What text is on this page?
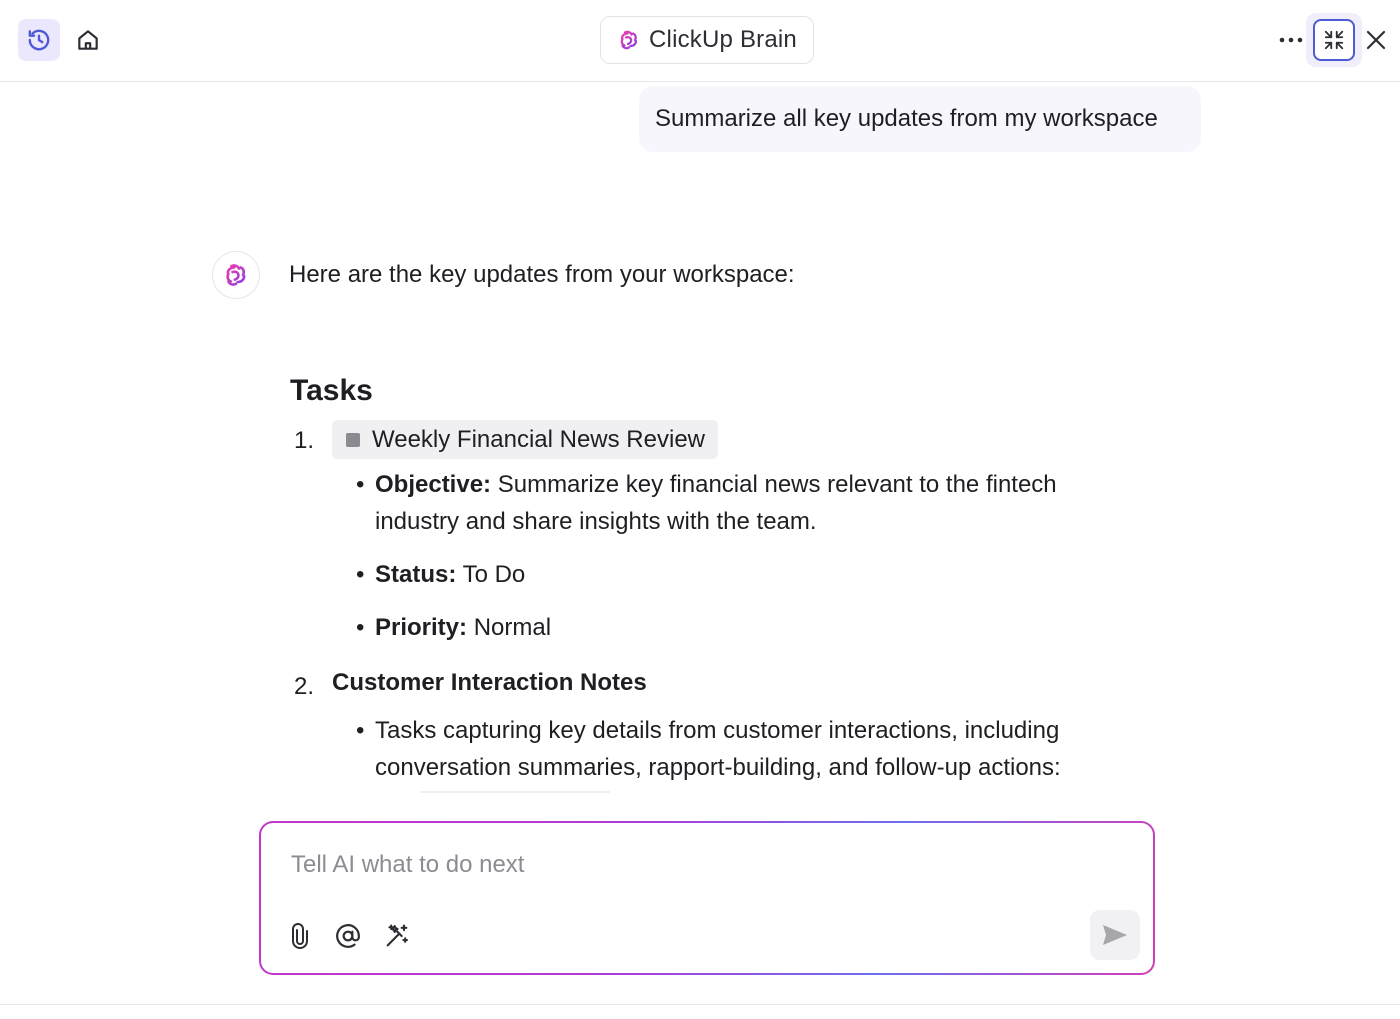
ClickUp Brain
Summarize all key updates from my workspace
Here are the key updates from your workspace:
Tasks
1. Weekly Financial News Review
• Objective: Summarize key financial news relevant to the fintech industry and share insights with the team.
• Status: To Do
• Priority: Normal
2. Customer Interaction Notes
• Tasks capturing key details from customer interactions, including conversation summaries, rapport-building, and follow-up actions:
Tell AI what to do next
